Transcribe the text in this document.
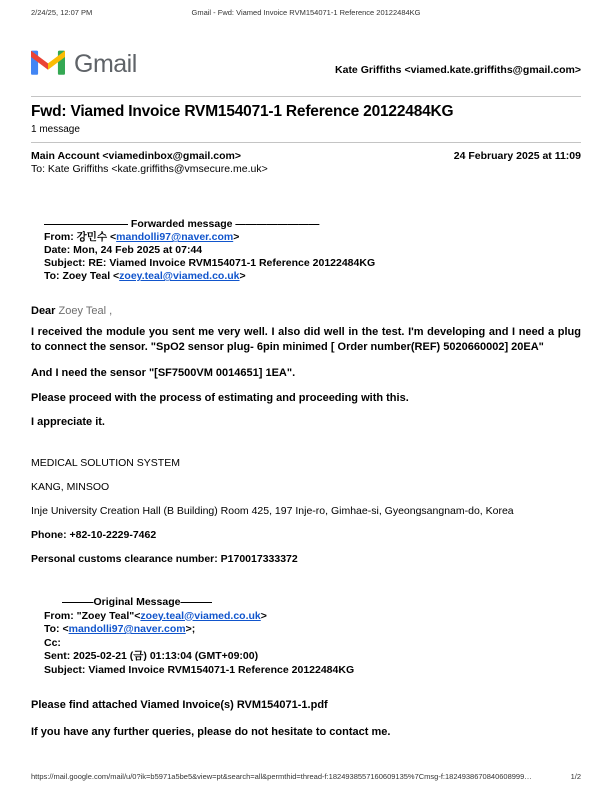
2/24/25, 12:07 PM	Gmail - Fwd: Viamed Invoice RVM154071-1 Reference 20122484KG
Gmail	Kate Griffiths <viamed.kate.griffiths@gmail.com>
Fwd: Viamed Invoice RVM154071-1 Reference 20122484KG
1 message
Main Account <viamedinbox@gmail.com>	24 February 2025 at 11:09
To: Kate Griffiths <kate.griffiths@vmsecure.me.uk>
———————— Forwarded message ————————
From: 강민수 <mandolli97@naver.com>
Date: Mon, 24 Feb 2025 at 07:44
Subject: RE: Viamed Invoice RVM154071-1 Reference 20122484KG
To: Zoey Teal <zoey.teal@viamed.co.uk>
Dear Zoey Teal ,
I received the module you sent me very well. I also did well in the test. I'm developing and I need a plug to connect the sensor. "SpO2 sensor plug- 6pin minimed [ Order number(REF) 5020660002] 20EA"
And I need the sensor "[SF7500VM 0014651] 1EA".
Please proceed with the process of estimating and proceeding with this.
I appreciate it.
MEDICAL SOLUTION SYSTEM
KANG, MINSOO
Inje University Creation Hall (B Building) Room 425, 197 Inje-ro, Gimhae-si, Gyeongsangnam-do, Korea
Phone: +82-10-2229-7462
Personal customs clearance number: P170017333372
———Original Message———
From: "Zoey Teal"<zoey.teal@viamed.co.uk>
To: <mandolli97@naver.com>;
Cc:
Sent: 2025-02-21 (금) 01:13:04 (GMT+09:00)
Subject: Viamed Invoice RVM154071-1 Reference 20122484KG
Please find attached Viamed Invoice(s) RVM154071-1.pdf
If you have any further queries, please do not hesitate to contact me.
https://mail.google.com/mail/u/0?ik=b5971a5be5&view=pt&search=all&permthid=thread-f:1824938557160609135%7Cmsg-f:1824938670840608999…	1/2
